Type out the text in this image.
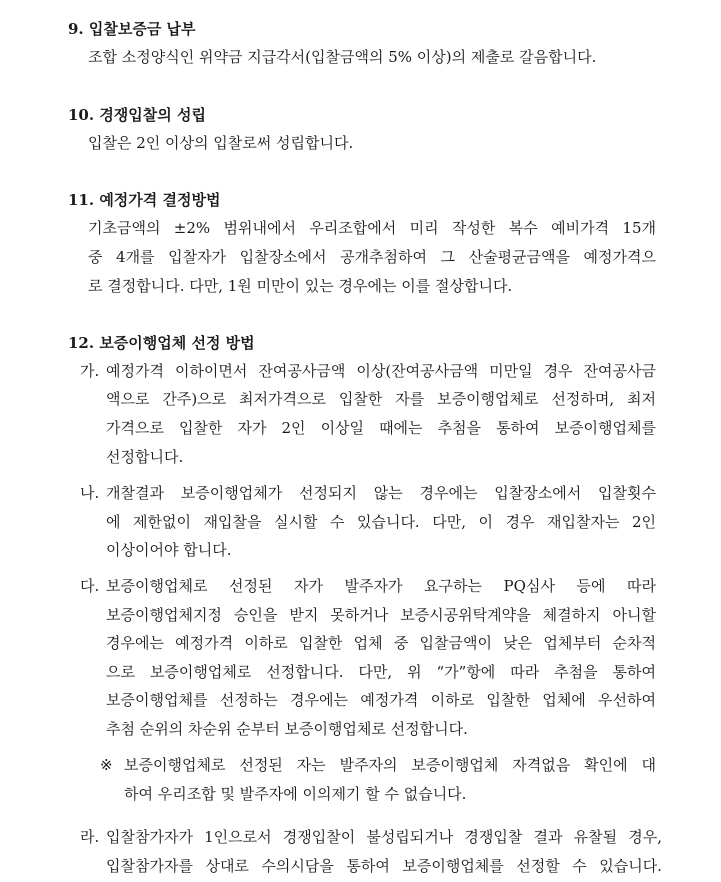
9. 입찰보증금 납부
조합 소정양식인 위약금 지급각서(입찰금액의 5% 이상)의 제출로 갈음합니다.
10. 경쟁입찰의 성립
입찰은 2인 이상의 입찰로써 성립합니다.
11. 예정가격 결정방법
기초금액의 ±2% 범위내에서 우리조합에서 미리 작성한 복수 예비가격 15개
중 4개를 입찰자가 입찰장소에서 공개추첨하여 그 산술평균금액을 예정가격으
로 결정합니다. 다만, 1원 미만이 있는 경우에는 이를 절상합니다.
12. 보증이행업체 선정 방법
가. 예정가격 이하이면서 잔여공사금액 이상(잔여공사금액 미만일 경우 잔여공사금
액으로 간주)으로 최저가격으로 입찰한 자를 보증이행업체로 선정하며, 최저
가격으로 입찰한 자가 2인 이상일 때에는 추첨을 통하여 보증이행업체를
선정합니다.
나. 개찰결과 보증이행업체가 선정되지 않는 경우에는 입찰장소에서 입찰횟수
에 제한없이 재입찰을 실시할 수 있습니다. 다만, 이 경우 재입찰자는 2인
이상이어야 합니다.
다. 보증이행업체로 선정된 자가 발주자가 요구하는 PQ심사 등에 따라
보증이행업체지정 승인을 받지 못하거나 보증시공위탁계약을 체결하지 아니할
경우에는 예정가격 이하로 입찰한 업체 중 입찰금액이 낮은 업체부터 순차적
으로 보증이행업체로 선정합니다. 다만, 위 “가”항에 따라 추첨을 통하여
보증이행업체를 선정하는 경우에는 예정가격 이하로 입찰한 업체에 우선하여
추첨 순위의 차순위 순부터 보증이행업체로 선정합니다.
※ 보증이행업체로 선정된 자는 발주자의 보증이행업체 자격없음 확인에 대
하여 우리조합 및 발주자에 이의제기 할 수 없습니다.
라. 입찰참가자가 1인으로서 경쟁입찰이 불성립되거나 경쟁입찰 결과 유찰될 경우,
입찰참가자를 상대로 수의시담을 통하여 보증이행업체를 선정할 수 있습니다.
